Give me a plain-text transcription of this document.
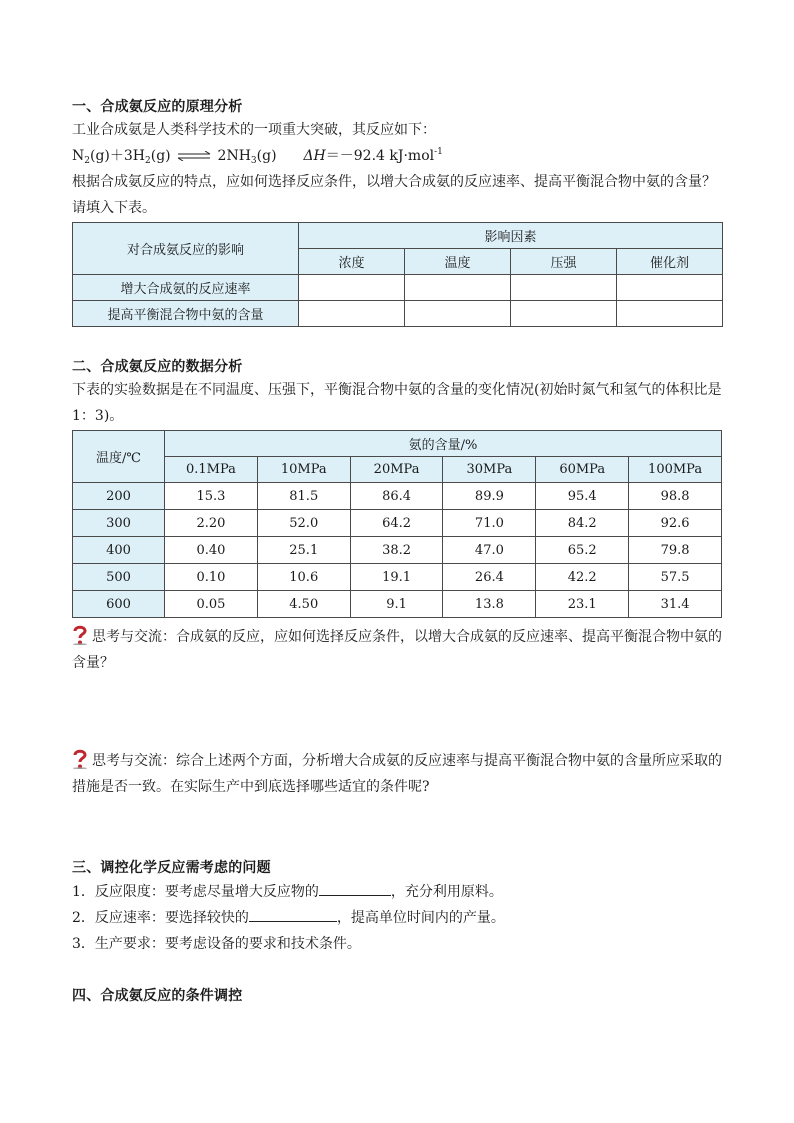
一、合成氨反应的原理分析
工业合成氨是人类科学技术的一项重大突破，其反应如下：
$N_2(g)+3H_2(g)$ ⇌ $2NH_3(g)$ ΔH＝－92.4 kJ·mol$^{-1}$
根据合成氨反应的特点，应如何选择反应条件，以增大合成氨的反应速率、提高平衡混合物中氨的含量？请填入下表。
对合成氨反应的影响	影响因素			
	浓度	温度	压强	催化剂
增大合成氨的反应速率				
提高平衡混合物中氨的含量				
二、合成氨反应的数据分析
下表的实验数据是在不同温度、压强下，平衡混合物中氨的含量的变化情况(初始时氮气和氢气的体积比是1：3)。
温度/℃	氨的含量/%					
	0.1MPa	10MPa	20MPa	30MPa	60MPa	100MPa
200	15.3	81.5	86.4	89.9	95.4	98.8
300	2.20	52.0	64.2	71.0	84.2	92.6
400	0.40	25.1	38.2	47.0	65.2	79.8
500	0.10	10.6	19.1	26.4	42.2	57.5
600	0.05	4.50	9.1	13.8	23.1	31.4
思考与交流：合成氨的反应，应如何选择反应条件，以增大合成氨的反应速率、提高平衡混合物中氨的含量？
思考与交流：综合上述两个方面，分析增大合成氨的反应速率与提高平衡混合物中氨的含量所应采取的措施是否一致。在实际生产中到底选择哪些适宜的条件呢?
三、调控化学反应需考虑的问题
1．反应限度：要考虑尽量增大反应物的	，充分利用原料。
2．反应速率：要选择较快的	，提高单位时间内的产量。
3．生产要求：要考虑设备的要求和技术条件。
四、合成氨反应的条件调控
